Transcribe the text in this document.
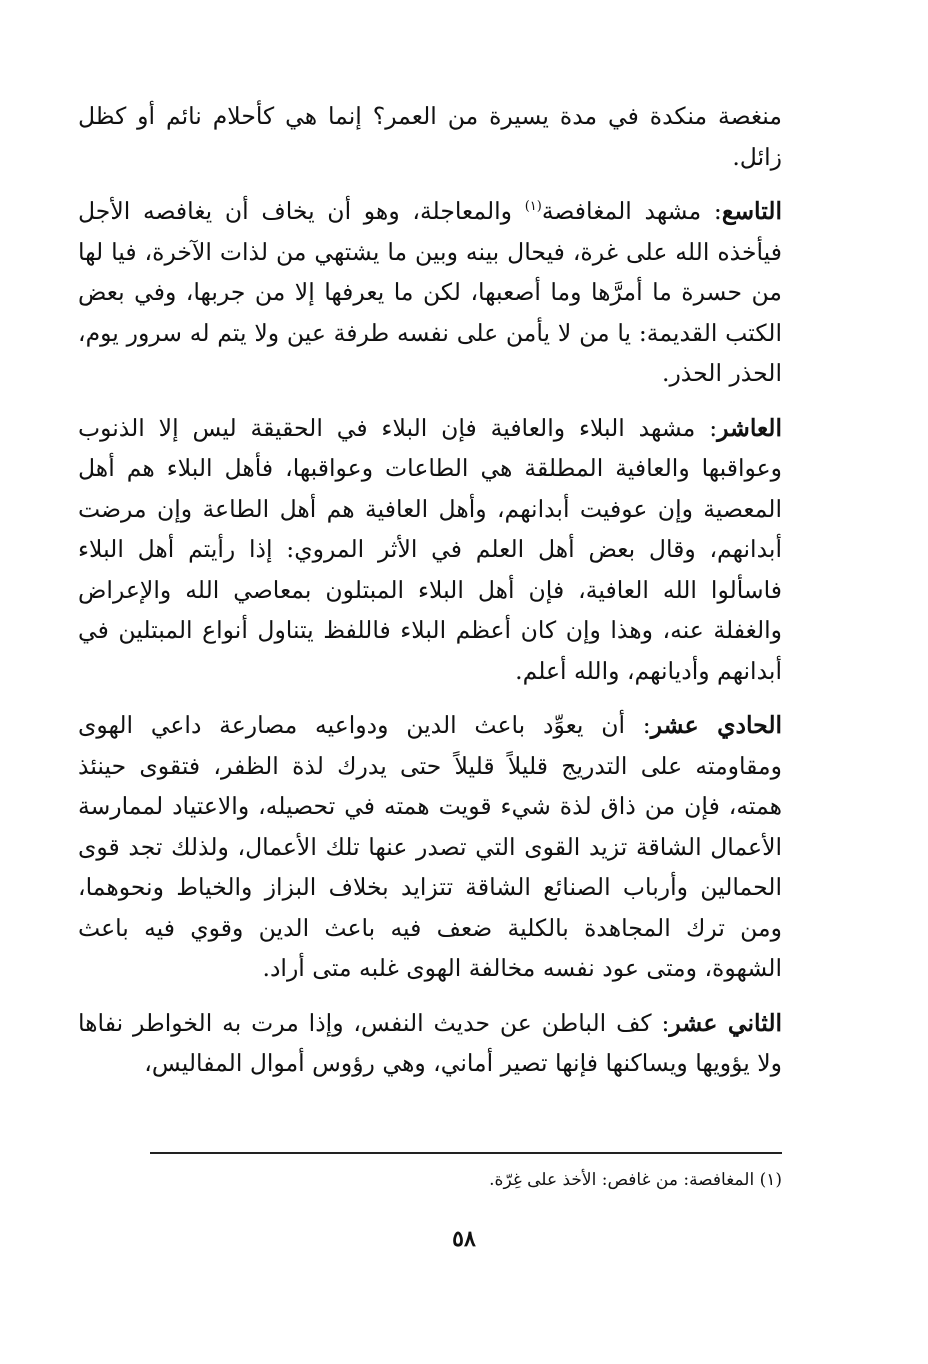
منغصة منكدة في مدة يسيرة من العمر؟ إنما هي كأحلام نائم أو كظل زائل.

التاسع: مشهد المغافصة$^{(١)}$ والمعاجلة، وهو أن يخاف أن يغافصه الأجل فيأخذه الله على غرة، فيحال بينه وبين ما يشتهي من لذات الآخرة، فيا لها من حسرة ما أمرَّها وما أصعبها، لكن ما يعرفها إلا من جربها، وفي بعض الكتب القديمة: يا من لا يأمن على نفسه طرفة عين ولا يتم له سرور يوم، الحذر الحذر.

العاشر: مشهد البلاء والعافية فإن البلاء في الحقيقة ليس إلا الذنوب وعواقبها والعافية المطلقة هي الطاعات وعواقبها، فأهل البلاء هم أهل المعصية وإن عوفيت أبدانهم، وأهل العافية هم أهل الطاعة وإن مرضت أبدانهم، وقال بعض أهل العلم في الأثر المروي: إذا رأيتم أهل البلاء فاسألوا الله العافية، فإن أهل البلاء المبتلون بمعاصي الله والإعراض والغفلة عنه، وهذا وإن كان أعظم البلاء فاللفظ يتناول أنواع المبتلين في أبدانهم وأديانهم، والله أعلم.

الحادي عشر: أن يعوِّد باعث الدين ودواعيه مصارعة داعي الهوى ومقاومته على التدريج قليلاً قليلاً حتى يدرك لذة الظفر، فتقوى حينئذ همته، فإن من ذاق لذة شيء قويت همته في تحصيله، والاعتياد لممارسة الأعمال الشاقة تزيد القوى التي تصدر عنها تلك الأعمال، ولذلك تجد قوى الحمالين وأرباب الصنائع الشاقة تتزايد بخلاف البزاز والخياط ونحوهما، ومن ترك المجاهدة بالكلية ضعف فيه باعث الدين وقوي فيه باعث الشهوة، ومتى عود نفسه مخالفة الهوى غلبه متى أراد.

الثاني عشر: كف الباطن عن حديث النفس، وإذا مرت به الخواطر نفاها ولا يؤويها ويساكنها فإنها تصير أماني، وهي رؤوس أموال المفاليس،

(١) المغافصة: من غافص: الأخذ على غِرّة.

٥٨
